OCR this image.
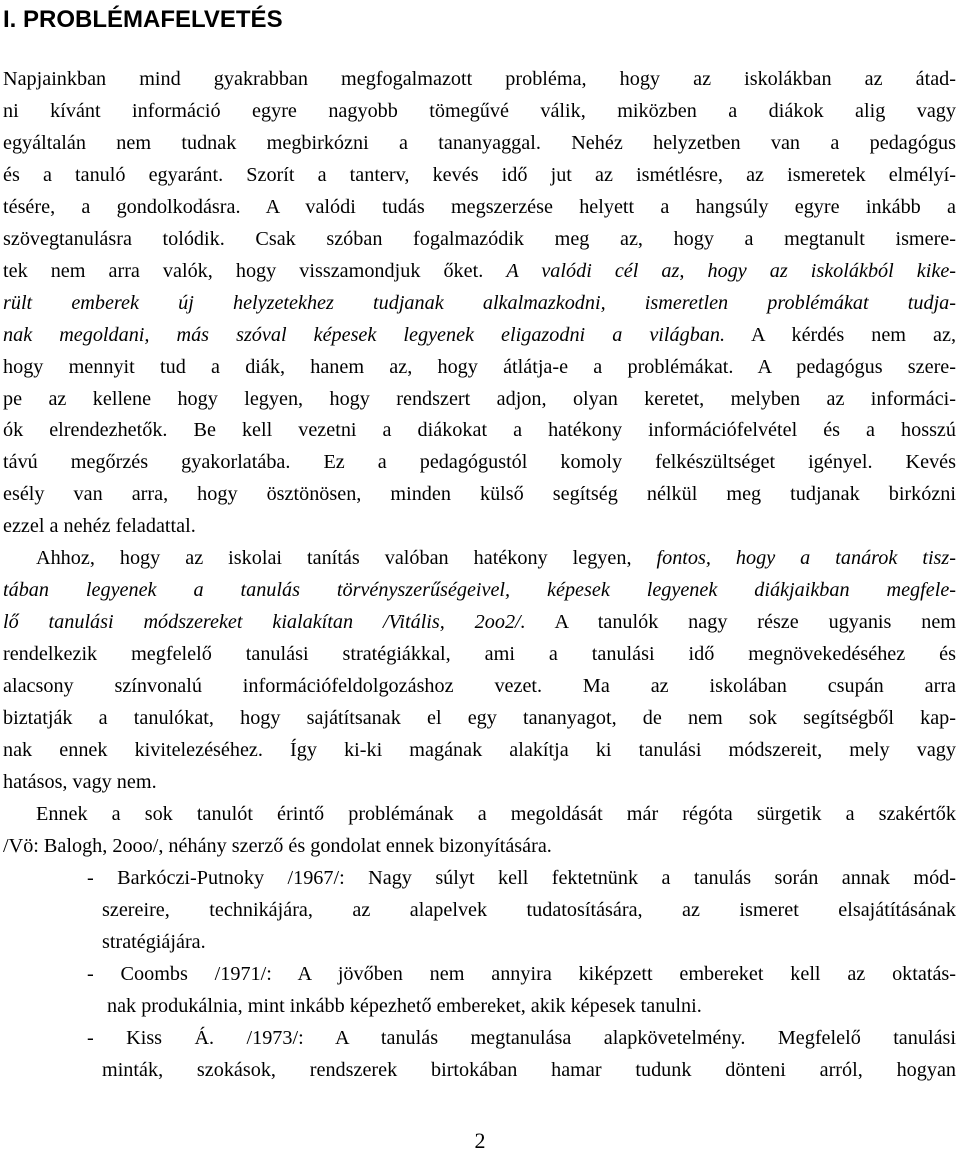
I. PROBLÉMAFELVETÉS
Napjainkban mind gyakrabban megfogalmazott probléma, hogy az iskolákban az átad-
ni kívánt információ egyre nagyobb tömegűvé válik, miközben a diákok alig vagy
egyáltalán nem tudnak megbirkózni a tananyaggal. Nehéz helyzetben van a pedagógus
és a tanuló egyaránt. Szorít a tanterv, kevés idő jut az ismétlésre, az ismeretek elmélyí-
tésére, a gondolkodásra. A valódi tudás megszerzése helyett a hangsúly egyre inkább a
szövegtanulásra tolódik. Csak szóban fogalmazódik meg az, hogy a megtanult ismere-
tek nem arra valók, hogy visszamondjuk őket. A valódi cél az, hogy az iskolákból kike-
rült emberek új helyzetekhez tudjanak alkalmazkodni, ismeretlen problémákat tudja-
nak megoldani, más szóval képesek legyenek eligazodni a világban. A kérdés nem az,
hogy mennyit tud a diák, hanem az, hogy átlátja-e a problémákat. A pedagógus szere-
pe az kellene hogy legyen, hogy rendszert adjon, olyan keretet, melyben az informáci-
ók elrendezhetők. Be kell vezetni a diákokat a hatékony információfelvétel és a hosszú
távú megőrzés gyakorlatába. Ez a pedagógustól komoly felkészültséget igényel. Kevés
esély van arra, hogy ösztönösen, minden külső segítség nélkül meg tudjanak birkózni
ezzel a nehéz feladattal.
Ahhoz, hogy az iskolai tanítás valóban hatékony legyen, fontos, hogy a tanárok tisz-
tában legyenek a tanulás törvényszerűségeivel, képesek legyenek diákjaikban megfele-
lő tanulási módszereket kialakítan /Vitális, 2oo2/. A tanulók nagy része ugyanis nem
rendelkezik megfelelő tanulási stratégiákkal, ami a tanulási idő megnövekedéséhez és
alacsony színvonalú információfeldolgozáshoz vezet. Ma az iskolában csupán arra
biztatják a tanulókat, hogy sajátítsanak el egy tananyagot, de nem sok segítségből kap-
nak ennek kivitelezéséhez. Így ki-ki magának alakítja ki tanulási módszereit, mely vagy
hatásos, vagy nem.
Ennek a sok tanulót érintő problémának a megoldását már régóta sürgetik a szakértők
/Vö: Balogh, 2ooo/, néhány szerző és gondolat ennek bizonyítására.
- Barkóczi-Putnoky /1967/: Nagy súlyt kell fektetnünk a tanulás során annak mód-
szereire, technikájára, az alapelvek tudatosítására, az ismeret elsajátításának
stratégiájára.
- Coombs /1971/: A jövőben nem annyira kiképzett embereket kell az oktatás-
nak produkálnia, mint inkább képezhető embereket, akik képesek tanulni.
- Kiss Á. /1973/: A tanulás megtanulása alapkövetelmény. Megfelelő tanulási
minták, szokások, rendszerek birtokában hamar tudunk dönteni arról, hogyan
2
